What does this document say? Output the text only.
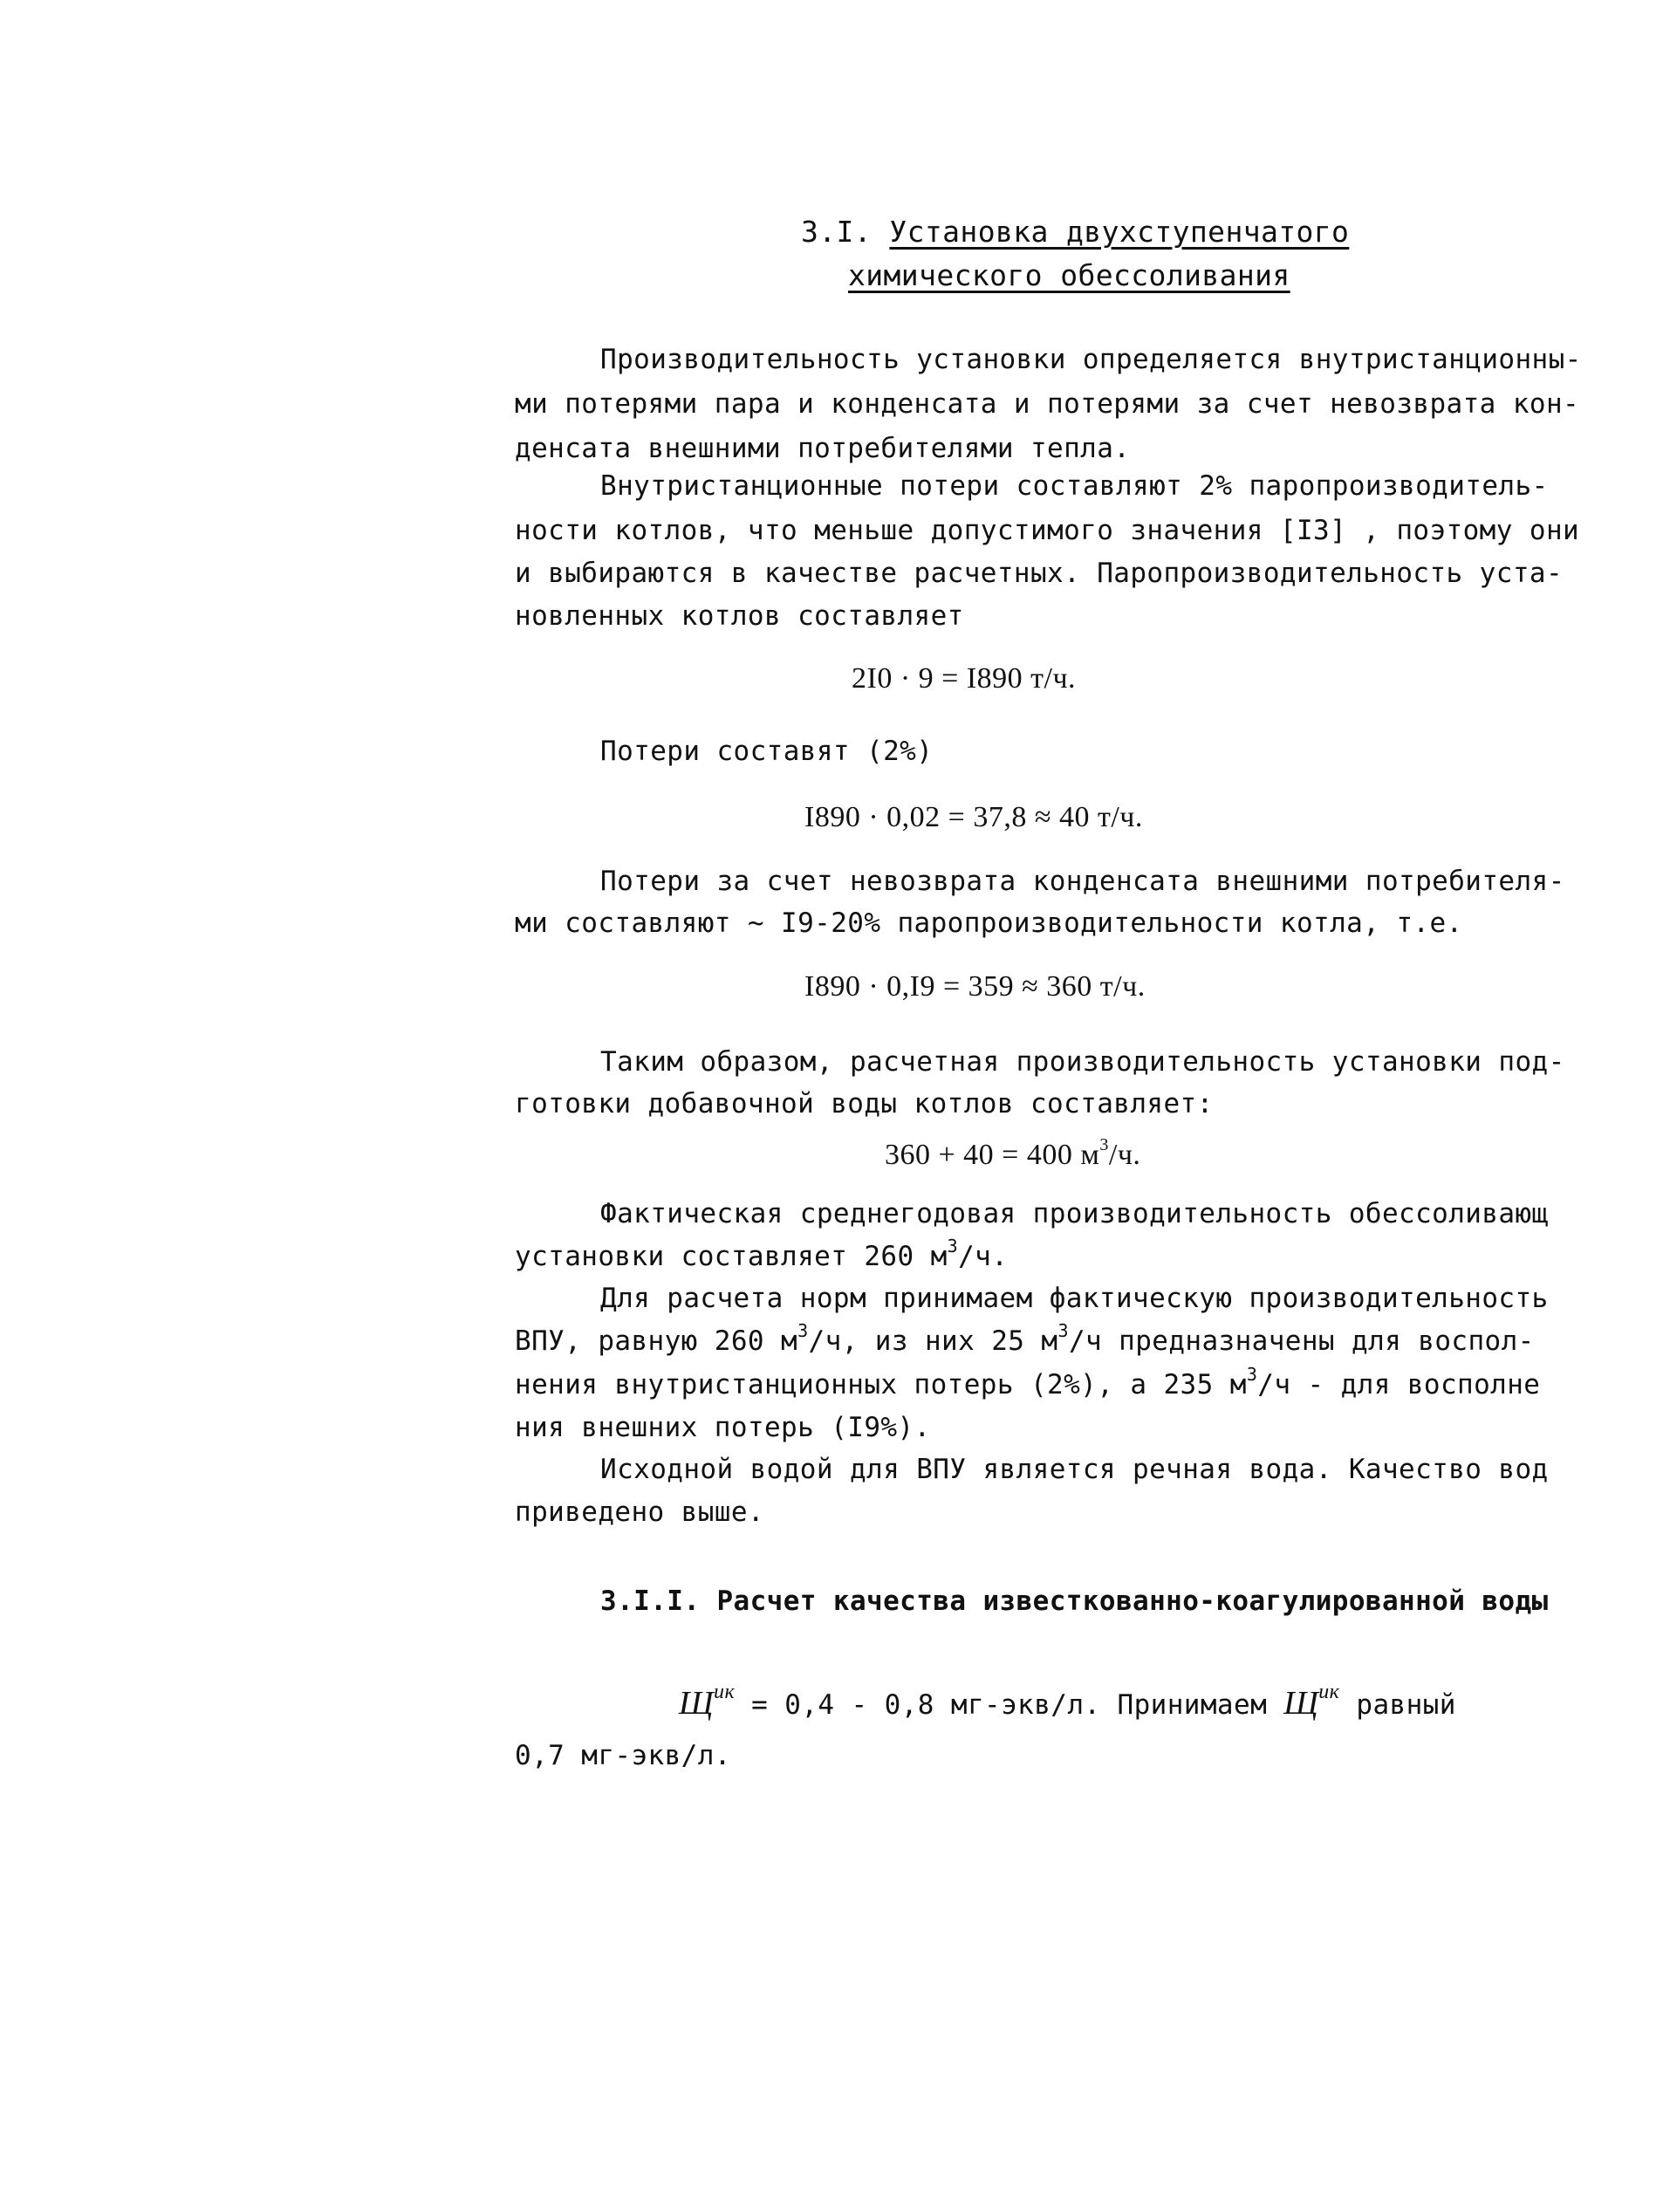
3.I. Установка двухступенчатого
химического обессоливания
Производительность установки определяется внутристанционны-
ми потерями пара и конденсата и потерями за счет невозврата кон-
денсата внешними потребителями тепла.
Внутристанционные потери составляют 2% паропроизводитель-
ности котлов, что меньше допустимого значения [I3] , поэтому они
и выбираются в качестве расчетных. Паропроизводительность уста-
новленных котлов составляет
2I0 · 9 = I890 т/ч.
Потери составят (2%)
I890 · 0,02 = 37,8 ≈ 40 т/ч.
Потери за счет невозврата конденсата внешними потребителя-
ми составляют ~ I9-20% паропроизводительности котла, т.е.
I890 · 0,I9 = 359 ≈ 360 т/ч.
Таким образом, расчетная производительность установки под-
готовки добавочной воды котлов составляет:
360 + 40 = 400 $м^3/ч$.
Фактическая среднегодовая производительность обессоливающ
установки составляет 260 $м^3/ч$.
Для расчета норм принимаем фактическую производительность
ВПУ, равную 260 $м^3/ч$, из них 25 $м^3/ч$ предназначены для воспол-
нения внутристанционных потерь (2%), а 235 $м^3/ч$ - для восполне
ния внешних потерь (I9%).
Исходной водой для ВПУ является речная вода. Качество вод
приведено выше.
3.I.I. Расчет качества известкованно-коагулированной воды
$Щ^{ик} = 0,4 - 0,8$ мг-экв/л. Принимаем $Щ^{ик}$ равный
0,7 мг-экв/л.
